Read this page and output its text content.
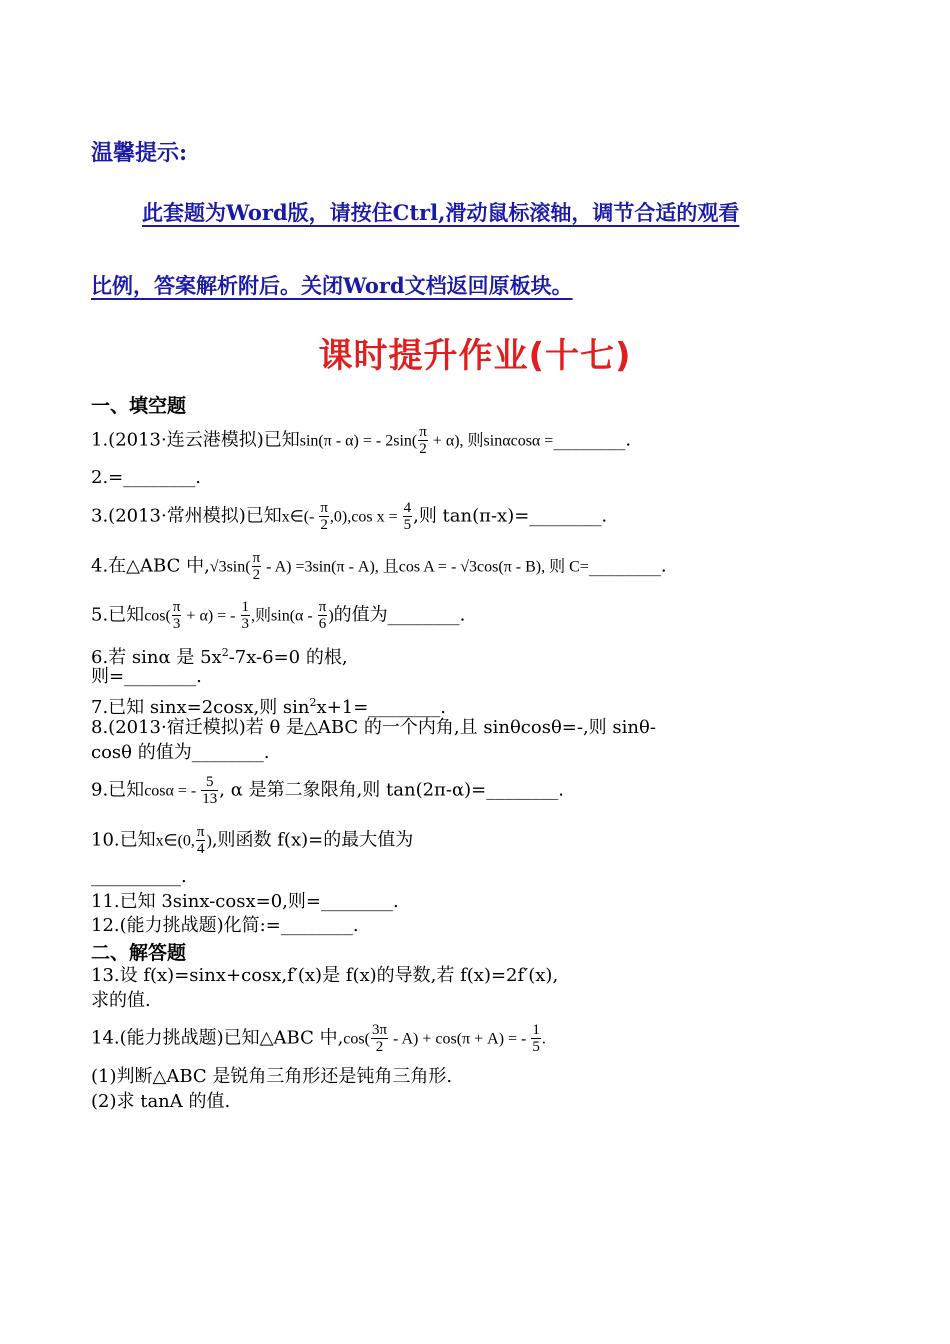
温馨提示:
此套题为Word版，请按住Ctrl,滑动鼠标滚轴，调节合适的观看
比例，答案解析附后。关闭Word文档返回原板块。
课时提升作业(十七)
一、填空题
1.(2013·连云港模拟)已知sin(π - α) = - $2\sin( \frac{\pi}{2} + \alpha)$, 则sinαcosα =________.
2.=________.
3.(2013·常州模拟)已知x∈(- $\frac{\pi}{2} ,0),\cos$ $x = \frac{4}{5}$ ,则 tan(π-x)=________.
4.在△ABC 中$,√3\sin( \frac{\pi}{2} - A) =3\sin(\pi - A)$, 且cos A = - √3cos(π - B), 则 C=________.
5.已知$\cos( \frac{\pi}{3} + \alpha)$ = - $\frac{1}{3}$ ,则$\sin(\alpha - \frac{\pi}{6}$ )的值为________.
6.若 sinα 是 $5x^2-7x-6=0$ 的根,
则=________.
7.已知 sinx=2cosx,则 $\sin^2x+1=\_\_\_\_\_\_\_\_$.
8.(2013·宿迁模拟)若 θ 是△ABC 的一个内角,且 sinθcosθ=-,则 sinθ-
cosθ 的值为________.
9.已知cosα = - $\frac{5}{13}$ , α 是第二象限角,则 tan(2π-α)=________.
10.已知x∈(0, $\frac{\pi}{4}$ ),则函数 f(x)=的最大值为
__________.
11.已知 3sinx-cosx=0,则=________.
12.(能力挑战题)化简:=________.
二、解答题
13.设 f(x)=sinx+cosx,f′(x)是 f(x)的导数,若 f(x)=2f′(x),
求的值.
14.(能力挑战题)已知△ABC 中$,\cos( \frac{3\pi}{2} - A) + \cos(\pi + A)$ = - $\frac{1}{5}$ .
(1)判断△ABC 是锐角三角形还是钝角三角形.
(2)求 tanA 的值.
